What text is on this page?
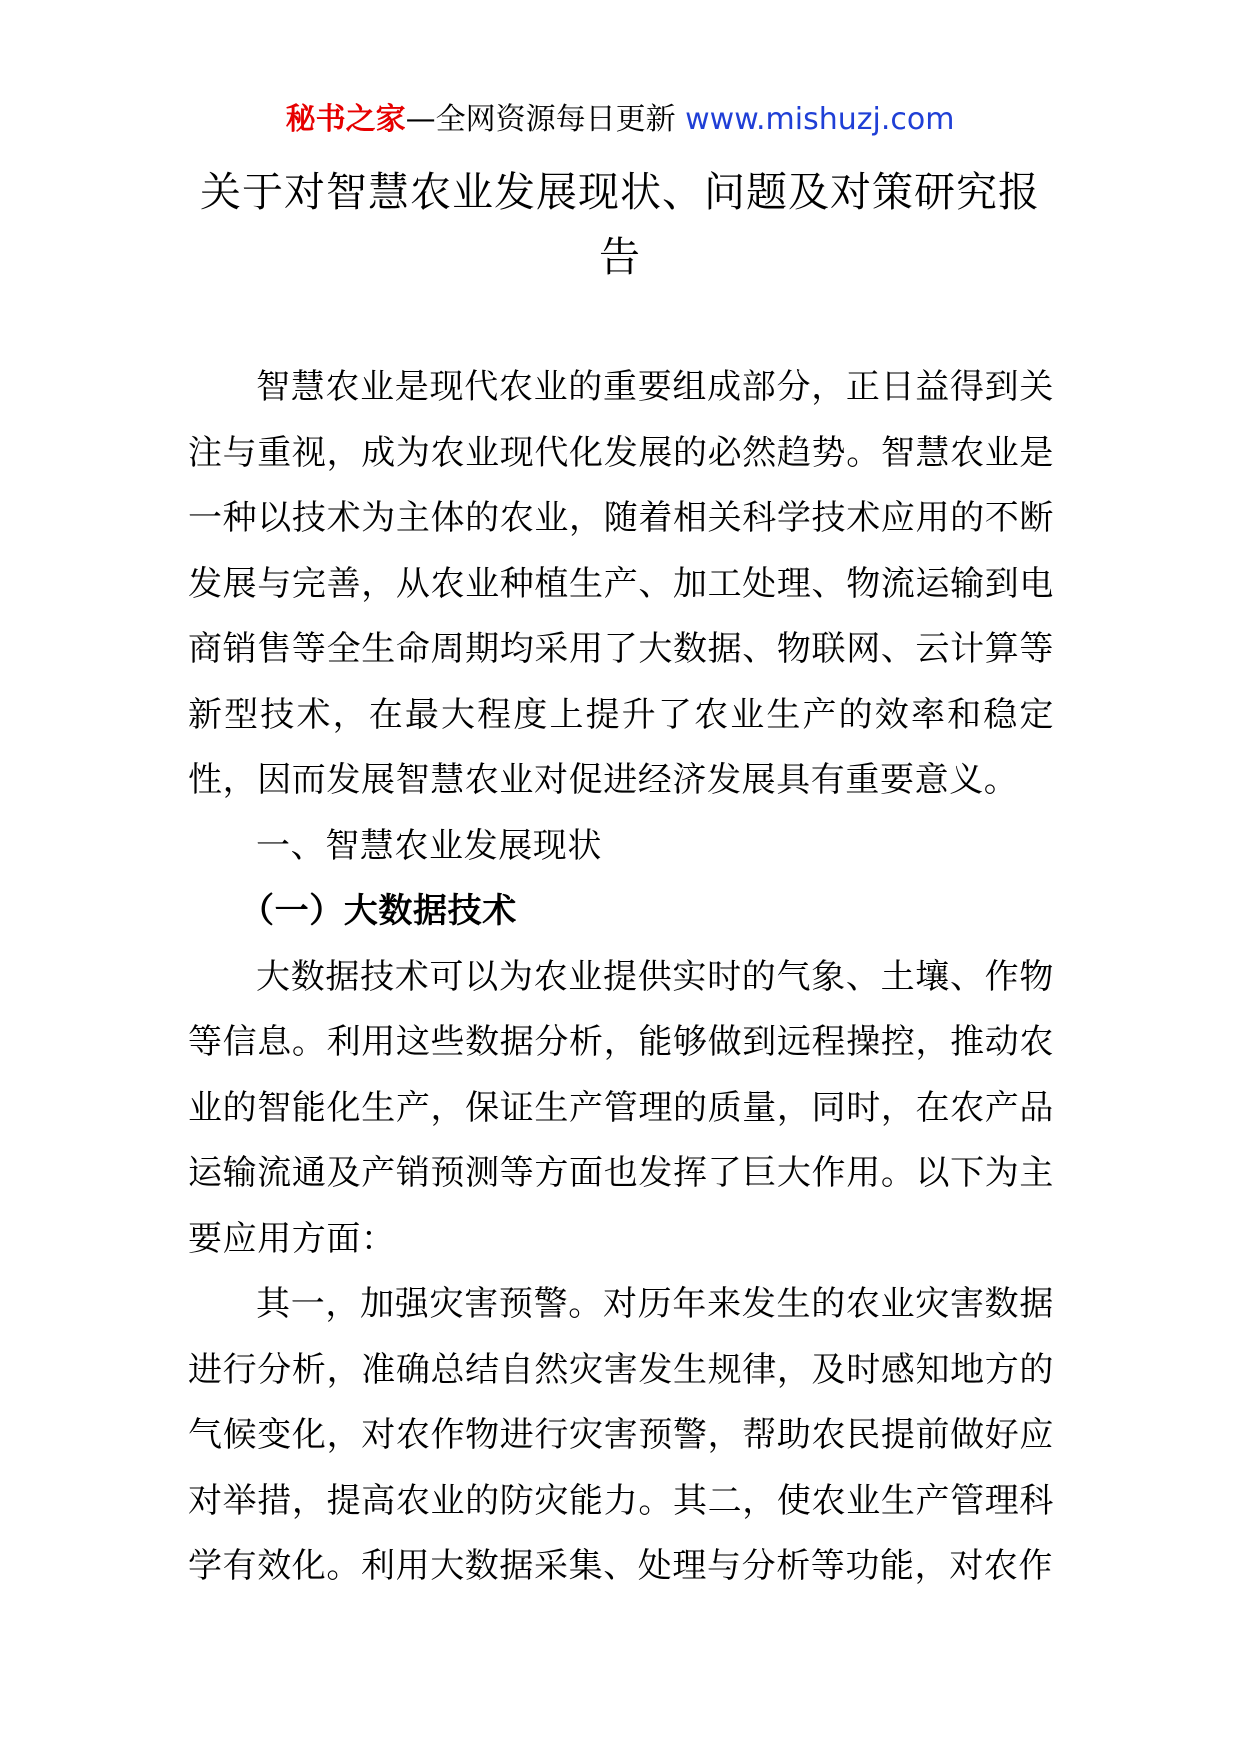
秘书之家—全网资源每日更新 www.mishuzj.com
关于对智慧农业发展现状、问题及对策研究报告

智慧农业是现代农业的重要组成部分，正日益得到关注与重视，成为农业现代化发展的必然趋势。智慧农业是一种以技术为主体的农业，随着相关科学技术应用的不断发展与完善，从农业种植生产、加工处理、物流运输到电商销售等全生命周期均采用了大数据、物联网、云计算等新型技术，在最大程度上提升了农业生产的效率和稳定性，因而发展智慧农业对促进经济发展具有重要意义。

一、智慧农业发展现状

（一）大数据技术

大数据技术可以为农业提供实时的气象、土壤、作物等信息。利用这些数据分析，能够做到远程操控，推动农业的智能化生产，保证生产管理的质量，同时，在农产品运输流通及产销预测等方面也发挥了巨大作用。以下为主要应用方面：

其一，加强灾害预警。对历年来发生的农业灾害数据进行分析，准确总结自然灾害发生规律，及时感知地方的气候变化，对农作物进行灾害预警，帮助农民提前做好应对举措，提高农业的防灾能力。其二，使农业生产管理科学有效化。利用大数据采集、处理与分析等功能，对农作
